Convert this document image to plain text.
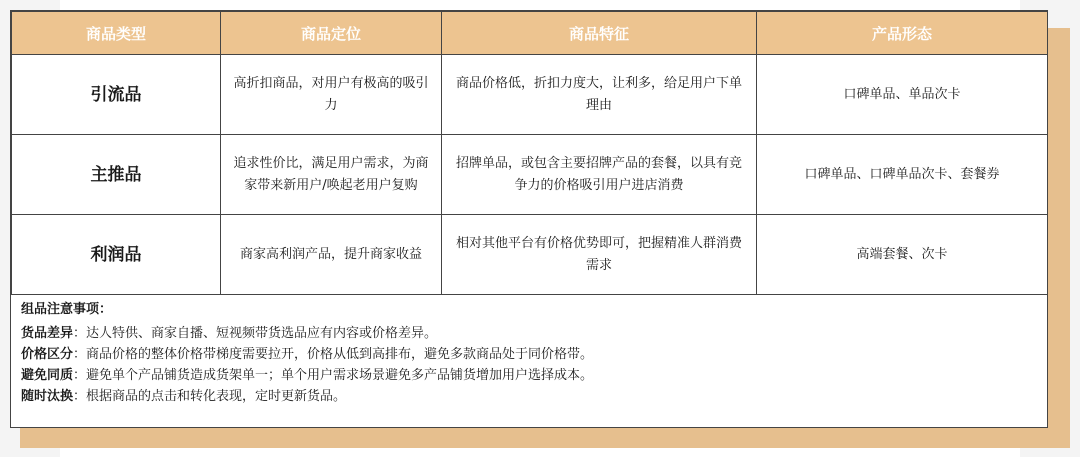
商品类型	商品定位	商品特征	产品形态
引流品	高折扣商品，对用户有极高的吸引力	商品价格低，折扣力度大，让利多，给足用户下单理由	口碑单品、单品次卡
主推品	追求性价比，满足用户需求，为商家带来新用户/唤起老用户复购	招牌单品，或包含主要招牌产品的套餐，以具有竞争力的价格吸引用户进店消费	口碑单品、口碑单品次卡、套餐券
利润品	商家高利润产品，提升商家收益	相对其他平台有价格优势即可，把握精准人群消费需求	高端套餐、次卡
组品注意事项：
货品差异：达人特供、商家自播、短视频带货选品应有内容或价格差异。
价格区分：商品价格的整体价格带梯度需要拉开，价格从低到高排布，避免多款商品处于同价格带。
避免同质：避免单个产品铺货造成货架单一；单个用户需求场景避免多产品铺货增加用户选择成本。
随时汰换：根据商品的点击和转化表现，定时更新货品。
